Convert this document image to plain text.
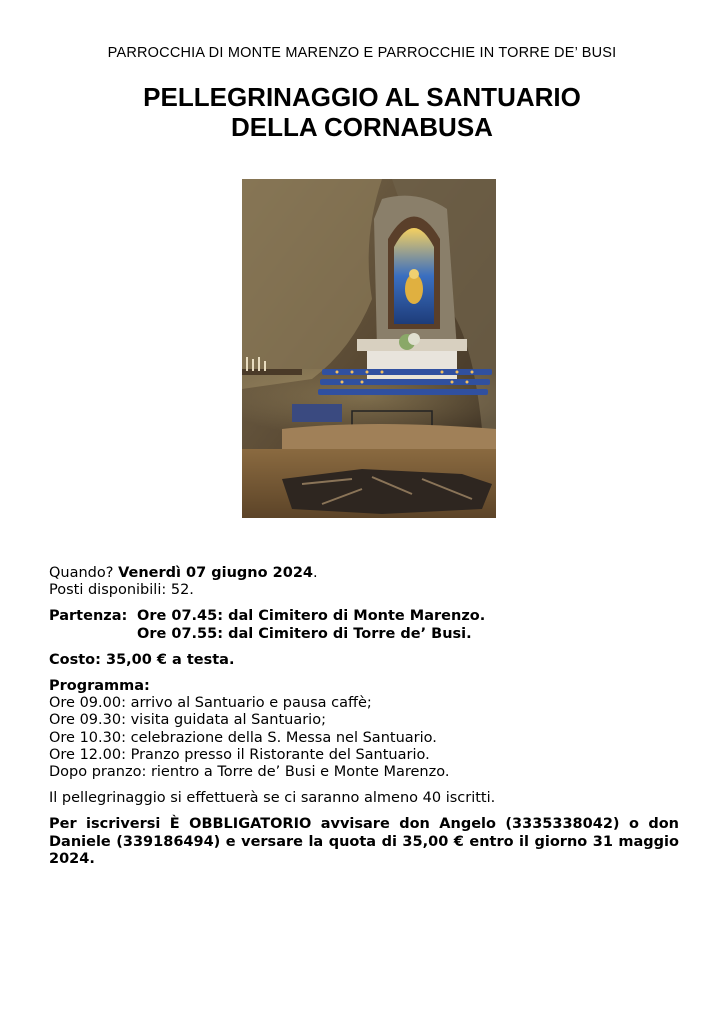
PARROCCHIA DI MONTE MARENZO E PARROCCHIE IN TORRE DE’ BUSI
PELLEGRINAGGIO AL SANTUARIO
DELLA CORNABUSA

Quando? Venerdì 07 giugno 2024.

Posti disponibili: 52.

Partenza: Ore 07.45: dal Cimitero di Monte Marenzo.
Ore 07.55: dal Cimitero di Torre de’ Busi.

Costo: 35,00 € a testa.

Programma:

Ore 09.00: arrivo al Santuario e pausa caffè;

Ore 09.30: visita guidata al Santuario;

Ore 10.30: celebrazione della S. Messa nel Santuario.

Ore 12.00: Pranzo presso il Ristorante del Santuario.

Dopo pranzo: rientro a Torre de’ Busi e Monte Marenzo.

Il pellegrinaggio si effettuerà se ci saranno almeno 40 iscritti.

Per iscriversi È OBBLIGATORIO avvisare don Angelo (3335338042) o don Daniele (339186494) e versare la quota di 35,00 € entro il giorno 31 maggio 2024.
